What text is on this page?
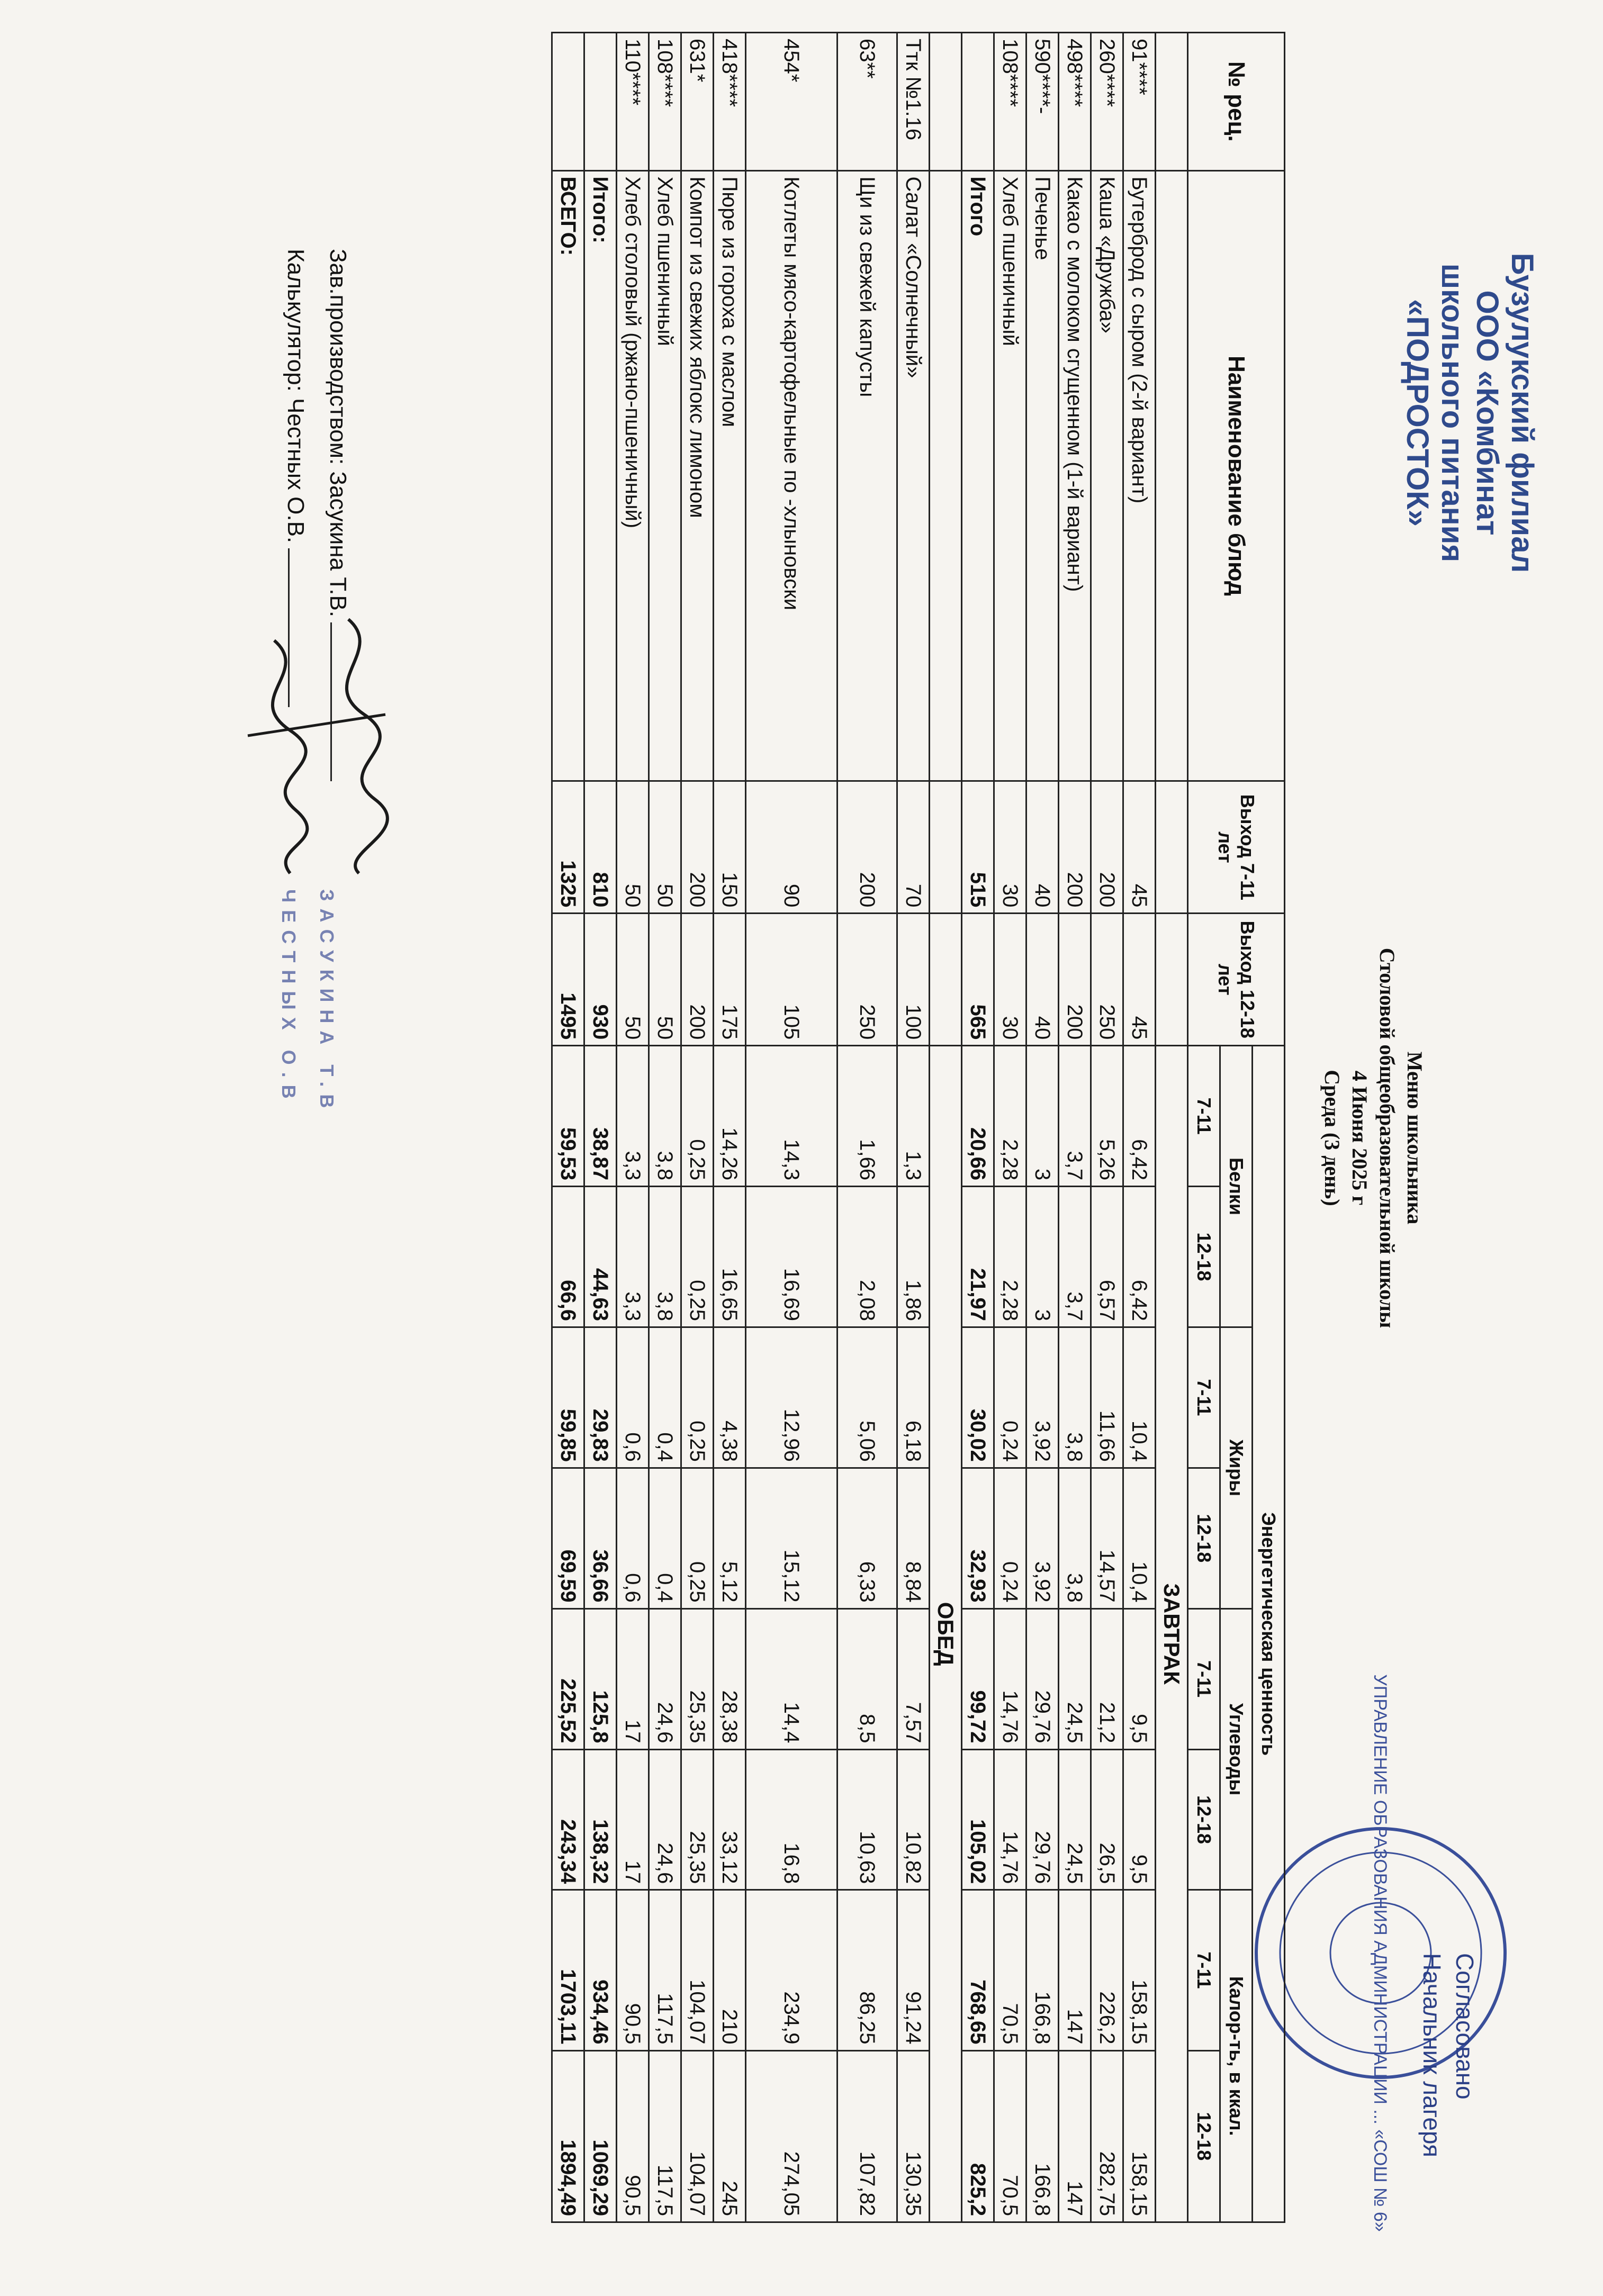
Бузулукский филиал
ООО «Комбинат
школьного питания
«ПОДРОСТОК»
Меню школьника
Столовой общеобразовательной школы
4 Июня 2025 г
Среда (3 день)
УПРАВЛЕНИЕ ОБРАЗОВАНИЯ АДМИНИСТРАЦИИ ... «СОШ № 6»	Согласовано
Начальник лагеря
№ рец.	Наименование блюд	Выход 7-11 лет	Выход 12-18 лет	Энергетическая ценность							
				Белки		Жиры		Углеводы		Калор-ть, в ккал.	
				7-11	12-18	7-11	12-18	7-11	12-18	7-11	12-18
				ЗАВТРАК							
91****	Бутерброд с сыром (2-й вариант)	45	45	6,42	6,42	10,4	10,4	9,5	9,5	158,15	158,15
260****	Каша «Дружба»	200	250	5,26	6,57	11,66	14,57	21,2	26,5	226,2	282,75
498****	Какао с молоком сгущенном (1-й вариант)	200	200	3,7	3,7	3,8	3,8	24,5	24,5	147	147
590****-	Печенье	40	40	3	3	3,92	3,92	29,76	29,76	166,8	166,8
108****	Хлеб пшеничный	30	30	2,28	2,28	0,24	0,24	14,76	14,76	70,5	70,5
	Итого	515	565	20,66	21,97	30,02	32,93	99,72	105,02	768,65	825,2
				ОБЕД							
Ттк №1.16	Салат «Солнечный»	70	100	1,3	1,86	6,18	8,84	7,57	10,82	91,24	130,35
63**	Щи из свежей капусты	200	250	1,66	2,08	5,06	6,33	8,5	10,63	86,25	107,82
454*	Котлеты мясо-картофельные по -хлыновски	90	105	14,3	16,69	12,96	15,12	14,4	16,8	234,9	274,05
418****	Пюре из гороха с маслом	150	175	14,26	16,65	4,38	5,12	28,38	33,12	210	245
631*	Компот из свежих яблокс лимоном	200	200	0,25	0,25	0,25	0,25	25,35	25,35	104,07	104,07
108****	Хлеб пшеничный	50	50	3,8	3,8	0,4	0,4	24,6	24,6	117,5	117,5
110****	Хлеб столовый (ржано-пшеничный)	50	50	3,3	3,3	0,6	0,6	17	17	90,5	90,5
	Итого:	810	930	38,87	44,63	29,83	36,66	125,8	138,32	934,46	1069,29
	ВСЕГО:	1325	1495	59,53	66,6	59,85	69,59	225,52	243,34	1703,11	1894,49
Зав.производством: Засукина Т.В.
Калькулятор: Честных О.В.
ЗАСУКИНА Т.В
ЧЕСТНЫХ О.В
